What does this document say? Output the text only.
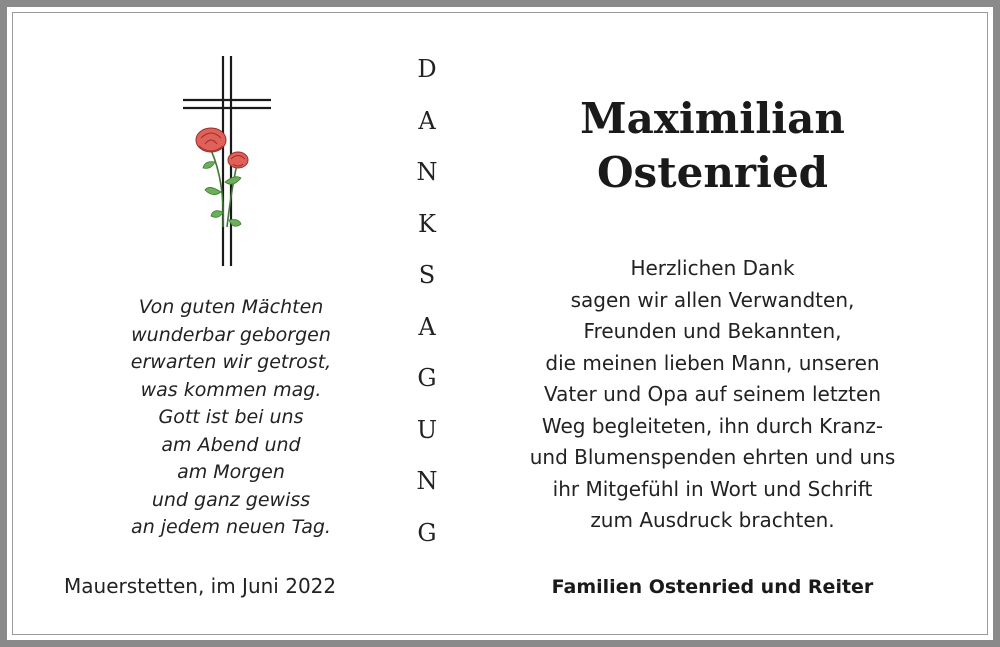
Von guten Mächten
wunderbar geborgen
erwarten wir getrost,
was kommen mag.
Gott ist bei uns
am Abend und
am Morgen
und ganz gewiss
an jedem neuen Tag.
Mauerstetten, im Juni 2022
D
A
N
K
S
A
G
U
N
G
Maximilian
Ostenried
Herzlichen Dank
sagen wir allen Verwandten,
Freunden und Bekannten,
die meinen lieben Mann, unseren
Vater und Opa auf seinem letzten
Weg begleiteten, ihn durch Kranz-
und Blumenspenden ehrten und uns
ihr Mitgefühl in Wort und Schrift
zum Ausdruck brachten.
Familien Ostenried und Reiter
